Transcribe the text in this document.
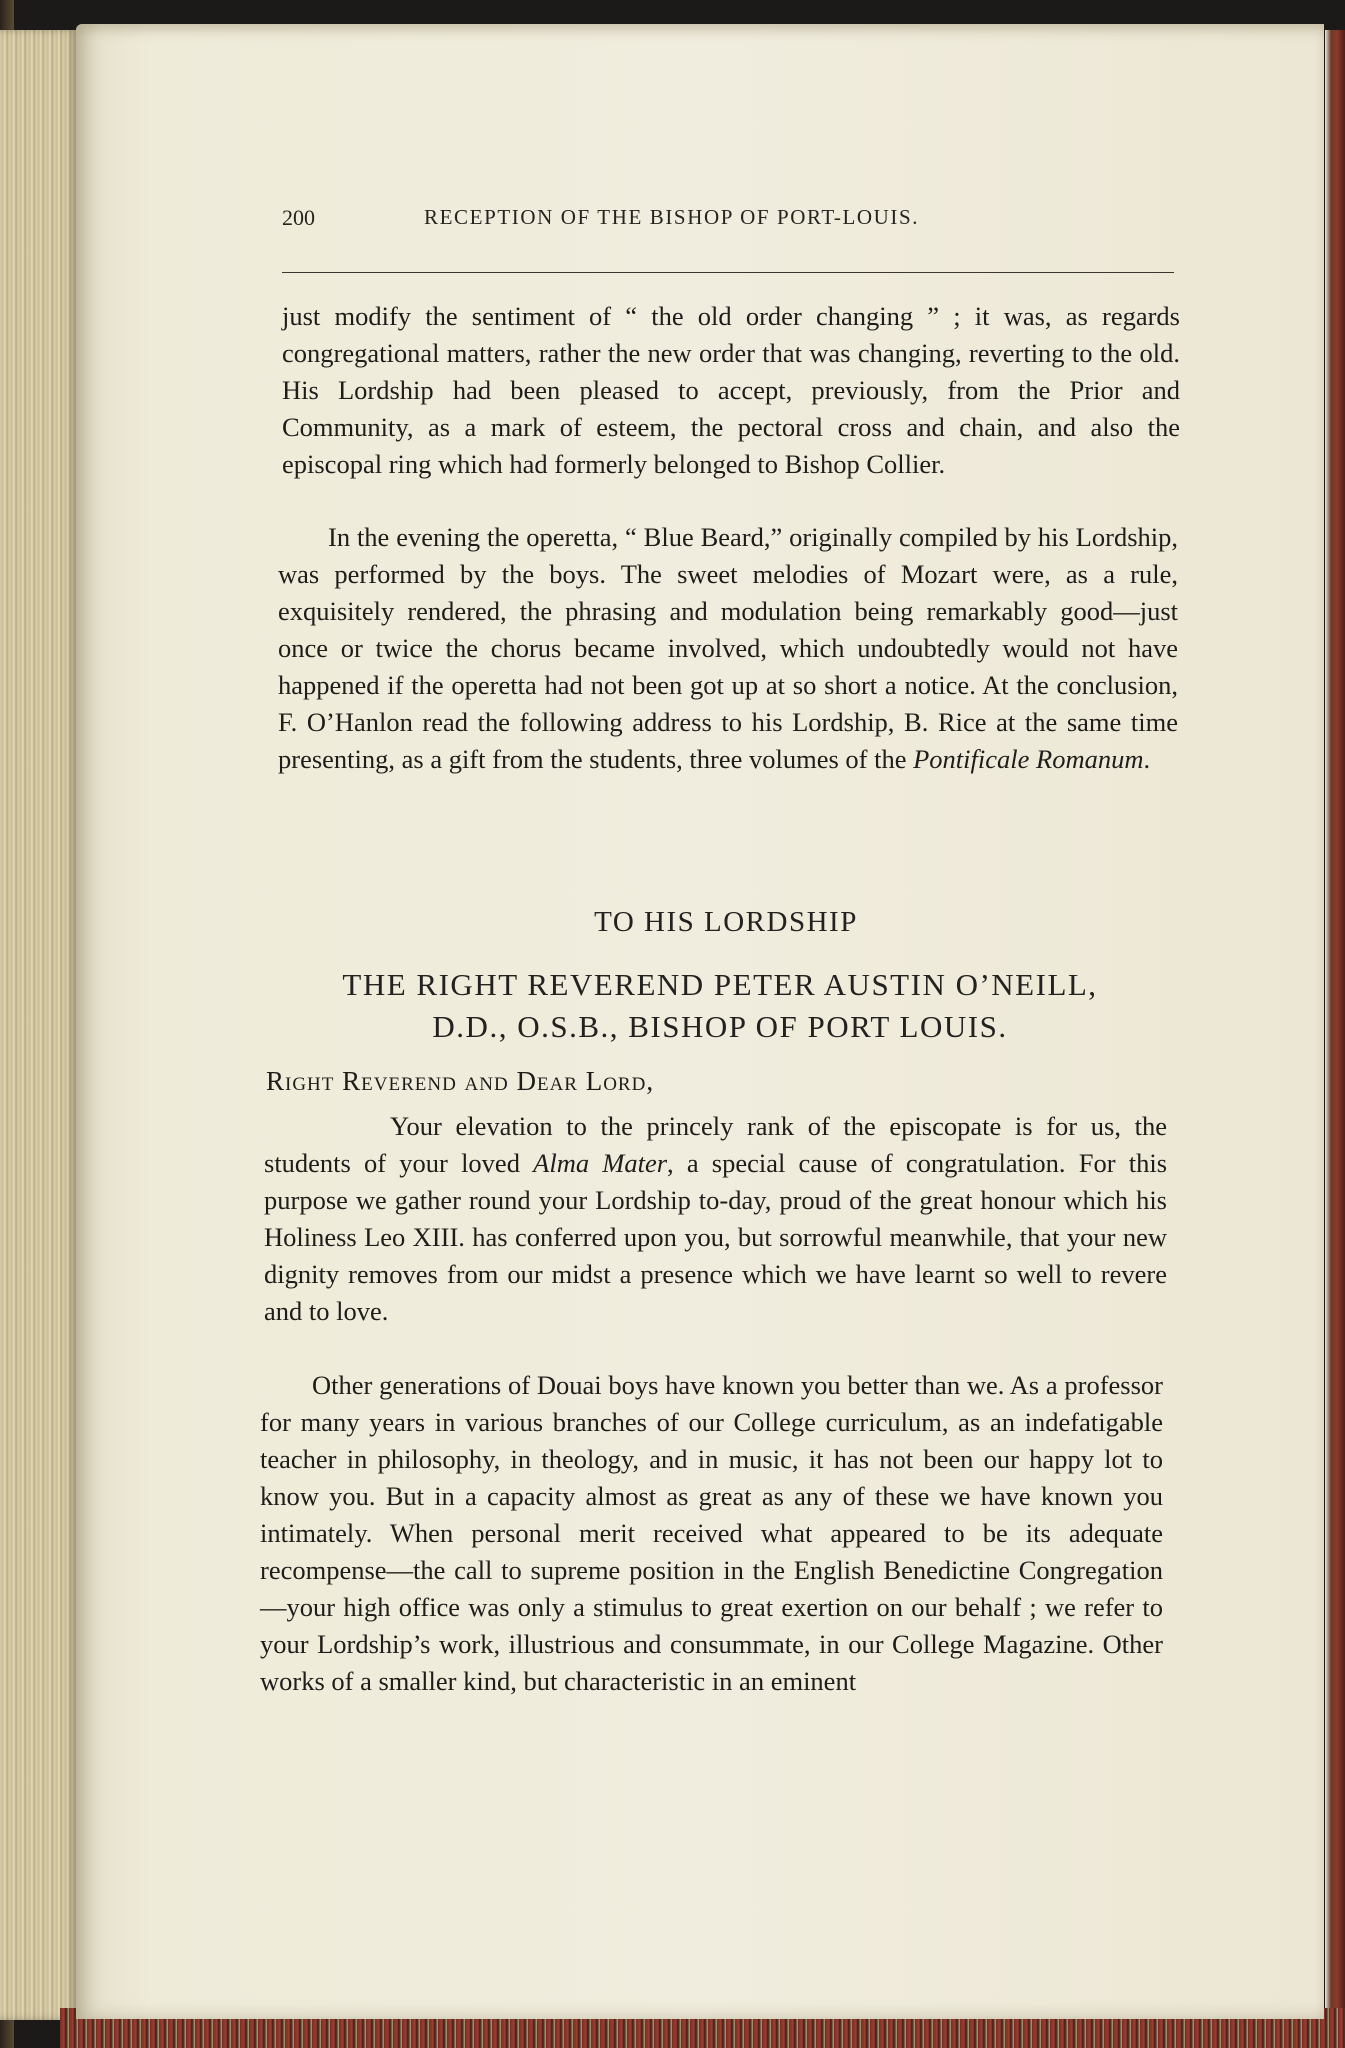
200	RECEPTION OF THE BISHOP OF PORT-LOUIS.
just modify the sentiment of “ the old order changing ” ; it was, as regards congregational matters, rather the new order that was changing, reverting to the old. His Lordship had been pleased to accept, previously, from the Prior and Community, as a mark of esteem, the pectoral cross and chain, and also the episcopal ring which had formerly belonged to Bishop Collier.
In the evening the operetta, “ Blue Beard,” originally compiled by his Lordship, was performed by the boys. The sweet melodies of Mozart were, as a rule, exquisitely rendered, the phrasing and modulation being remarkably good—just once or twice the chorus became involved, which undoubtedly would not have happened if the operetta had not been got up at so short a notice. At the conclusion, F. O’Hanlon read the following address to his Lordship, B. Rice at the same time presenting, as a gift from the students, three volumes of the Pontificale Romanum.
TO HIS LORDSHIP
THE RIGHT REVEREND PETER AUSTIN O’NEILL,
D.D., O.S.B., BISHOP OF PORT LOUIS.
Right Reverend and Dear Lord,
Your elevation to the princely rank of the episcopate is for us, the students of your loved Alma Mater, a special cause of congratulation. For this purpose we gather round your Lordship to-day, proud of the great honour which his Holiness Leo XIII. has conferred upon you, but sorrowful meanwhile, that your new dignity removes from our midst a presence which we have learnt so well to revere and to love.
Other generations of Douai boys have known you better than we. As a professor for many years in various branches of our College curriculum, as an indefatigable teacher in philosophy, in theology, and in music, it has not been our happy lot to know you. But in a capacity almost as great as any of these we have known you intimately. When personal merit received what appeared to be its adequate recompense—the call to supreme position in the English Benedictine Congregation—your high office was only a stimulus to great exertion on our behalf ; we refer to your Lordship’s work, illustrious and consummate, in our College Magazine. Other works of a smaller kind, but characteristic in an eminent
